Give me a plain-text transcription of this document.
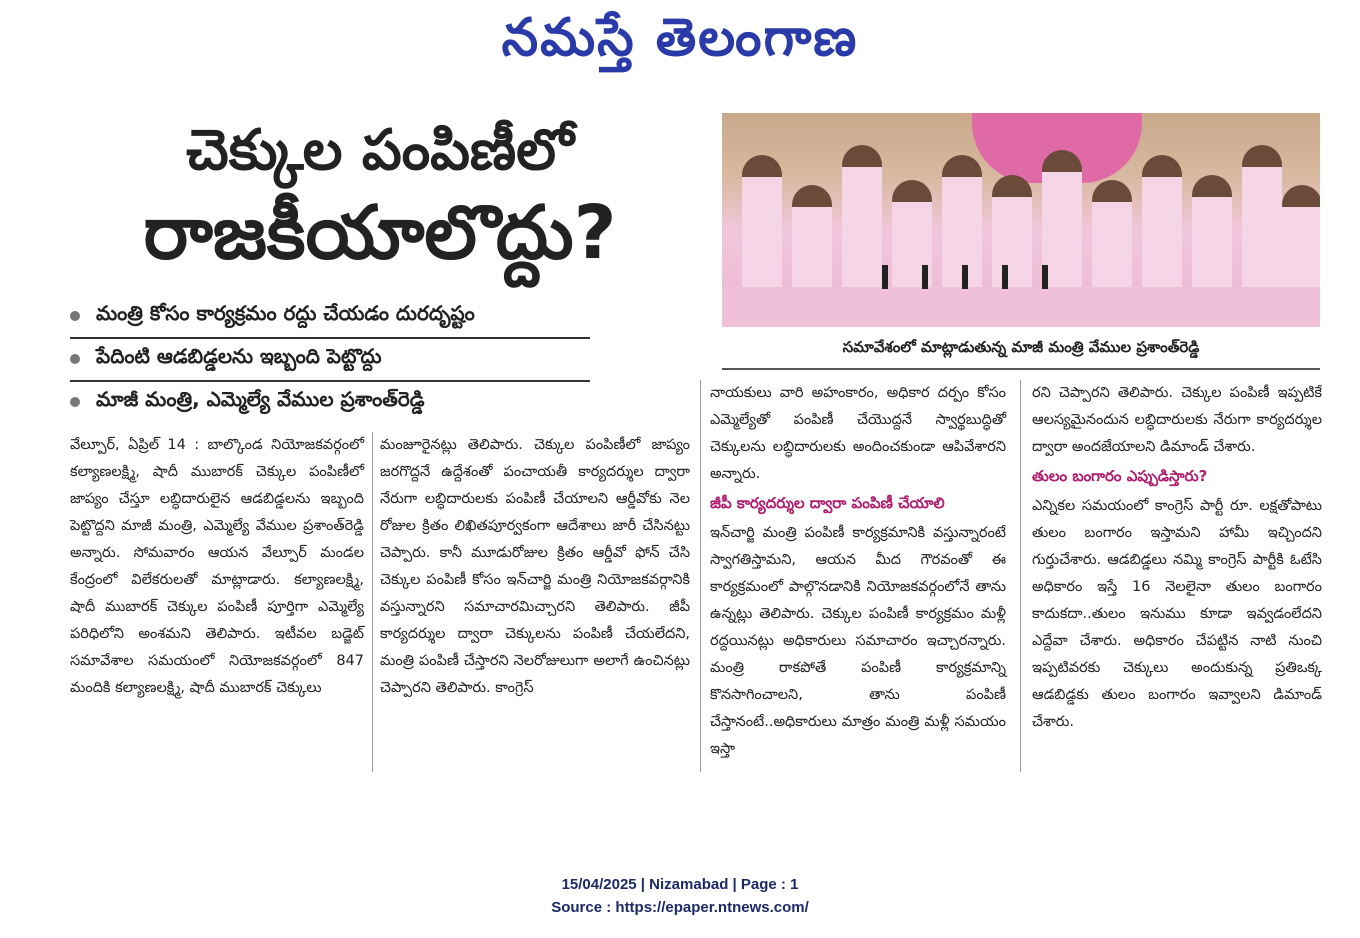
నమస్తే తెలంగాణ
చెక్కుల పంపిణీలో
రాజకీయాలొద్దు?
మంత్రి కోసం కార్యక్రమం రద్దు చేయడం దురదృష్టం
పేదింటి ఆడబిడ్డలను ఇబ్బంది పెట్టొద్దు
మాజీ మంత్రి, ఎమ్మెల్యే వేముల ప్రశాంత్‌రెడ్డి
సమావేశంలో మాట్లాడుతున్న మాజీ మంత్రి వేముల ప్రశాంత్‌రెడ్డి

వేల్పూర్, ఏప్రిల్ 14 : బాల్కొండ నియోజకవర్గంలో కల్యాణలక్ష్మి, షాదీ ముబారక్ చెక్కుల పంపిణీలో జాప్యం చేస్తూ లబ్ధిదారులైన ఆడబిడ్డలను ఇబ్బంది పెట్టొద్దని మాజీ మంత్రి, ఎమ్మెల్యే వేముల ప్రశాంత్‌రెడ్డి అన్నారు. సోమవారం ఆయన వేల్పూర్ మండల కేంద్రంలో విలేకరులతో మాట్లాడారు. కల్యాణలక్ష్మి, షాదీ ముబారక్ చెక్కుల పంపిణీ పూర్తిగా ఎమ్మెల్యే పరిధిలోని అంశమని తెలిపారు. ఇటీవల బడ్జెట్ సమావేశాల సమయంలో నియోజకవర్గంలో 847 మందికి కల్యాణలక్ష్మి, షాదీ ముబారక్ చెక్కులు

మంజూరైనట్లు తెలిపారు. చెక్కుల పంపిణీలో జాప్యం జరగొద్దనే ఉద్దేశంతో పంచాయతీ కార్యదర్శుల ద్వారా నేరుగా లబ్ధిదారులకు పంపిణీ చేయాలని ఆర్డీవోకు నెల రోజుల క్రితం లిఖితపూర్వకంగా ఆదేశాలు జారీ చేసినట్టు చెప్పారు. కానీ మూడురోజుల క్రితం ఆర్డీవో ఫోన్ చేసి చెక్కుల పంపిణీ కోసం ఇన్‌చార్జి మంత్రి నియోజకవర్గానికి వస్తున్నారని సమాచారమిచ్చారని తెలిపారు. జీపీ కార్యదర్శుల ద్వారా చెక్కులను పంపిణీ చేయలేదని, మంత్రి పంపిణీ చేస్తారని నెలరోజులుగా అలాగే ఉంచినట్లు చెప్పారని తెలిపారు. కాంగ్రెస్

నాయకులు వారి అహంకారం, అధికార దర్పం కోసం ఎమ్మెల్యేతో పంపిణీ చేయొద్దనే స్వార్థబుద్ధితో చెక్కులను లబ్ధిదారులకు అందించకుండా ఆపివేశారని అన్నారు.

జీపీ కార్యదర్శుల ద్వారా పంపిణీ చేయాలి

ఇన్‌చార్జి మంత్రి పంపిణీ కార్యక్రమానికి వస్తున్నారంటే స్వాగతిస్తామని, ఆయన మీద గౌరవంతో ఈ కార్యక్రమంలో పాల్గొనడానికి నియోజకవర్గంలోనే తాను ఉన్నట్లు తెలిపారు. చెక్కుల పంపిణీ కార్యక్రమం మళ్లీ రద్దయినట్లు అధికారులు సమాచారం ఇచ్చారన్నారు. మంత్రి రాకపోతే పంపిణీ కార్యక్రమాన్ని కొనసాగించాలని, తాను పంపిణీ చేస్తానంటే..అధికారులు మాత్రం మంత్రి మళ్లీ సమయం ఇస్తా

రని చెప్పారని తెలిపారు. చెక్కుల పంపిణీ ఇప్పటికే ఆలస్యమైనందున లబ్ధిదారులకు నేరుగా కార్యదర్శుల ద్వారా అందజేయాలని డిమాండ్ చేశారు.

తులం బంగారం ఎప్పుడిస్తారు?

ఎన్నికల సమయంలో కాంగ్రెస్ పార్టీ రూ. లక్షతోపాటు తులం బంగారం ఇస్తామని హామీ ఇచ్చిందని గుర్తుచేశారు. ఆడబిడ్డలు నమ్మి కాంగ్రెస్ పార్టీకి ఓటేసి అధికారం ఇస్తే 16 నెలలైనా తులం బంగారం కాదుకదా..తులం ఇనుము కూడా ఇవ్వడంలేదని ఎద్దేవా చేశారు. అధికారం చేపట్టిన నాటి నుంచి ఇప్పటివరకు చెక్కులు అందుకున్న ప్రతిఒక్క ఆడబిడ్డకు తులం బంగారం ఇవ్వాలని డిమాండ్ చేశారు.

15/04/2025 | Nizamabad | Page : 1
Source : https://epaper.ntnews.com/
